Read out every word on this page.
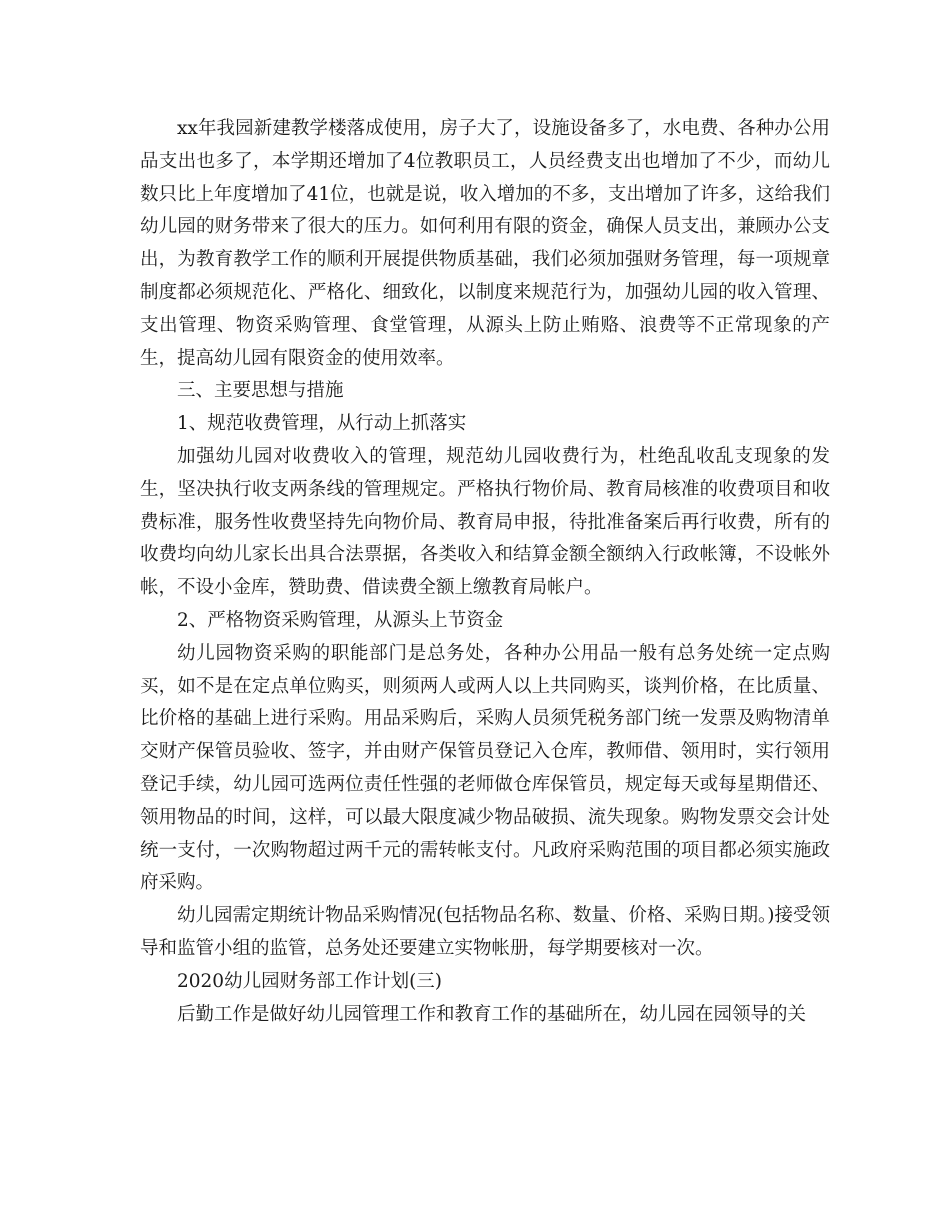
xx年我园新建教学楼落成使用，房子大了，设施设备多了，水电费、各种办公用品支出也多了，本学期还增加了4位教职员工，人员经费支出也增加了不少，而幼儿数只比上年度增加了41位，也就是说，收入增加的不多，支出增加了许多，这给我们幼儿园的财务带来了很大的压力。如何利用有限的资金，确保人员支出，兼顾办公支出，为教育教学工作的顺利开展提供物质基础，我们必须加强财务管理，每一项规章制度都必须规范化、严格化、细致化，以制度来规范行为，加强幼儿园的收入管理、支出管理、物资采购管理、食堂管理，从源头上防止贿赂、浪费等不正常现象的产生，提高幼儿园有限资金的使用效率。

三、主要思想与措施

1、规范收费管理，从行动上抓落实

加强幼儿园对收费收入的管理，规范幼儿园收费行为，杜绝乱收乱支现象的发生，坚决执行收支两条线的管理规定。严格执行物价局、教育局核准的收费项目和收费标准，服务性收费坚持先向物价局、教育局申报，待批准备案后再行收费，所有的收费均向幼儿家长出具合法票据，各类收入和结算金额全额纳入行政帐簿，不设帐外帐，不设小金库，赞助费、借读费全额上缴教育局帐户。

2、严格物资采购管理，从源头上节资金

幼儿园物资采购的职能部门是总务处，各种办公用品一般有总务处统一定点购买，如不是在定点单位购买，则须两人或两人以上共同购买，谈判价格，在比质量、比价格的基础上进行采购。用品采购后，采购人员须凭税务部门统一发票及购物清单交财产保管员验收、签字，并由财产保管员登记入仓库，教师借、领用时，实行领用登记手续，幼儿园可选两位责任性强的老师做仓库保管员，规定每天或每星期借还、领用物品的时间，这样，可以最大限度减少物品破损、流失现象。购物发票交会计处统一支付，一次购物超过两千元的需转帐支付。凡政府采购范围的项目都必须实施政府采购。

幼儿园需定期统计物品采购情况(包括物品名称、数量、价格、采购日期。)接受领导和监管小组的监管，总务处还要建立实物帐册，每学期要核对一次。

2020幼儿园财务部工作计划(三)

后勤工作是做好幼儿园管理工作和教育工作的基础所在，幼儿园在园领导的关
